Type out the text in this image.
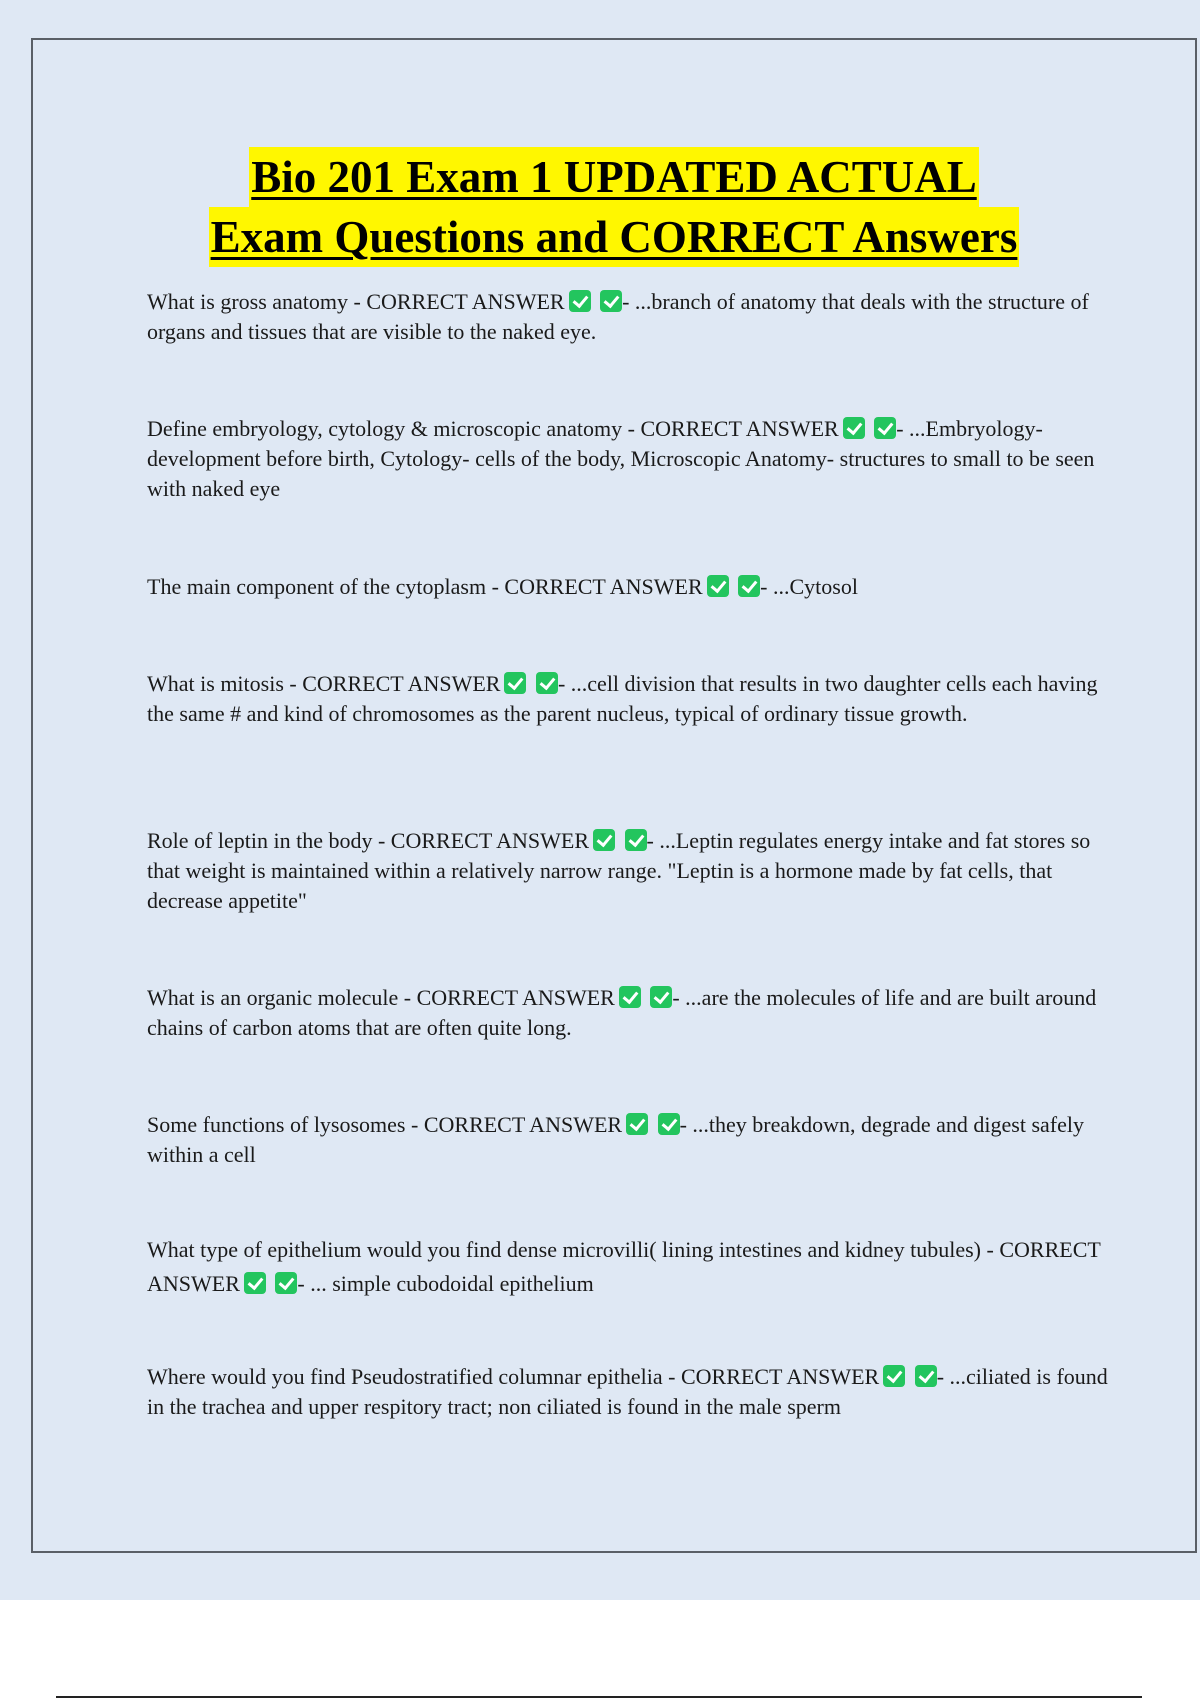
Bio 201 Exam 1 UPDATED ACTUAL
Exam Questions and CORRECT Answers
What is gross anatomy - CORRECT ANSWER	- ...branch of anatomy that deals with the structure of organs and tissues that are visible to the naked eye.
Define embryology, cytology & microscopic anatomy - CORRECT ANSWER	- ...Embryology- development before birth, Cytology- cells of the body, Microscopic Anatomy- structures to small to be seen with naked eye
The main component of the cytoplasm - CORRECT ANSWER	- ...Cytosol
What is mitosis - CORRECT ANSWER	- ...cell division that results in two daughter cells each having the same # and kind of chromosomes as the parent nucleus, typical of ordinary tissue growth.
Role of leptin in the body - CORRECT ANSWER	- ...Leptin regulates energy intake and fat stores so that weight is maintained within a relatively narrow range. "Leptin is a hormone made by fat cells, that decrease appetite"
What is an organic molecule - CORRECT ANSWER	- ...are the molecules of life and are built around chains of carbon atoms that are often quite long.
Some functions of lysosomes - CORRECT ANSWER	- ...they breakdown, degrade and digest safely within a cell
What type of epithelium would you find dense microvilli( lining intestines and kidney tubules) - CORRECT ANSWER	- ... simple cubodoidal epithelium
Where would you find Pseudostratified columnar epithelia - CORRECT ANSWER	- ...ciliated is found in the trachea and upper respitory tract; non ciliated is found in the male sperm
